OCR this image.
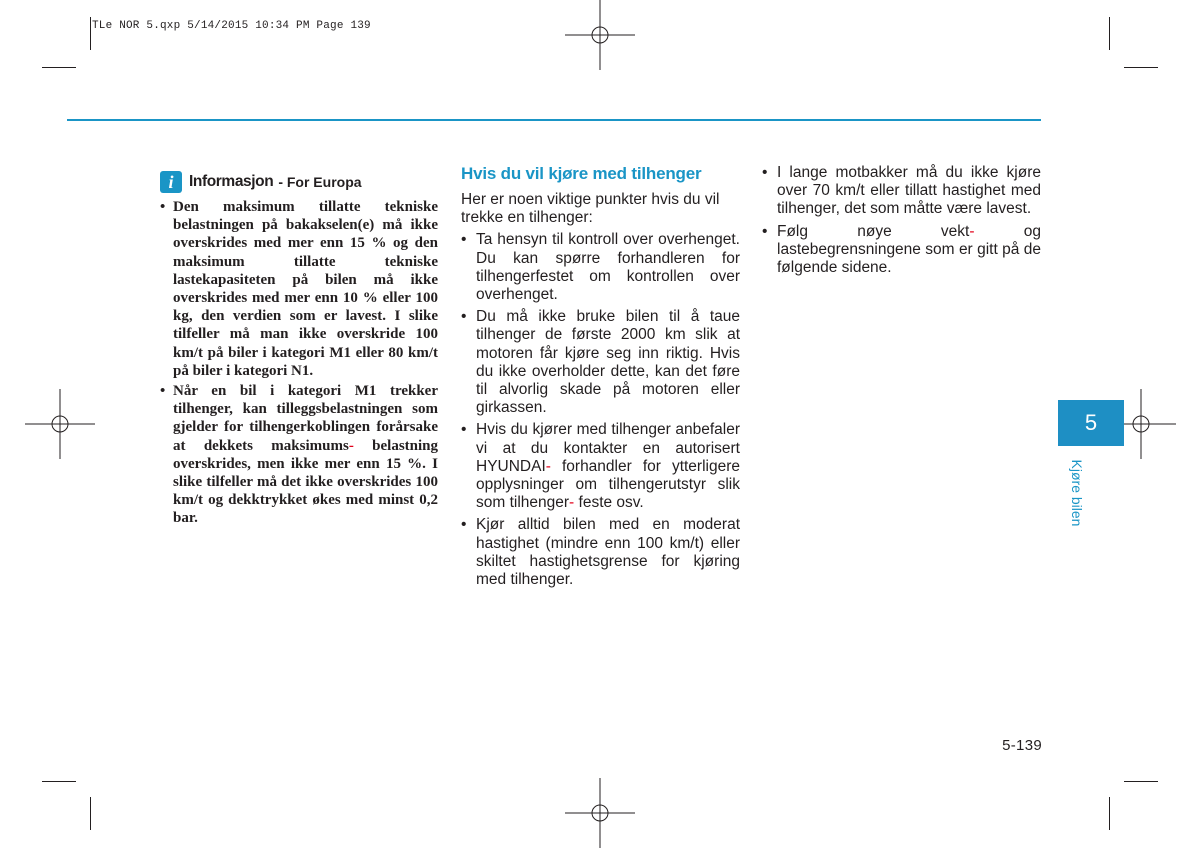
TLe NOR 5.qxp 5/14/2015 10:34 PM Page 139
i	Informasjon - For Europa
• Den maksimum tillatte tekniske belastningen på bakakselen(e) må ikke overskrides med mer enn 15 % og den maksimum tillatte tekniske lastekapasiteten på bilen må ikke overskrides med mer enn 10 % eller 100 kg, den verdien som er lavest. I slike tilfeller må man ikke overskride 100 km/t på biler i kategori M1 eller 80 km/t på biler i kategori N1.
• Når en bil i kategori M1 trekker tilhenger, kan tilleggsbelastningen som gjelder for tilhengerkoblingen forårsake at dekkets maksimums- belastning overskrides, men ikke mer enn 15 %. I slike tilfeller må det ikke overskrides 100 km/t og dekktrykket økes med minst 0,2 bar.
Hvis du vil kjøre med tilhenger

Her er noen viktige punkter hvis du vil trekke en tilhenger:

• Ta hensyn til kontroll over overhenget. Du kan spørre forhandleren for tilhengerfestet om kontrollen over overhenget.
• Du må ikke bruke bilen til å taue tilhenger de første 2000 km slik at motoren får kjøre seg inn riktig. Hvis du ikke overholder dette, kan det føre til alvorlig skade på motoren eller girkassen.
• Hvis du kjører med tilhenger anbefaler vi at du kontakter en autorisert HYUNDAI- forhandler for ytterligere opplysninger om tilhengerutstyr slik som tilhenger- feste osv.
• Kjør alltid bilen med en moderat hastighet (mindre enn 100 km/t) eller skiltet hastighetsgrense for kjøring med tilhenger.
• I lange motbakker må du ikke kjøre over 70 km/t eller tillatt hastighet med tilhenger, det som måtte være lavest.
• Følg nøye vekt- og lastebegrensningene som er gitt på de følgende sidene.
5
Kjøre bilen
5-139
